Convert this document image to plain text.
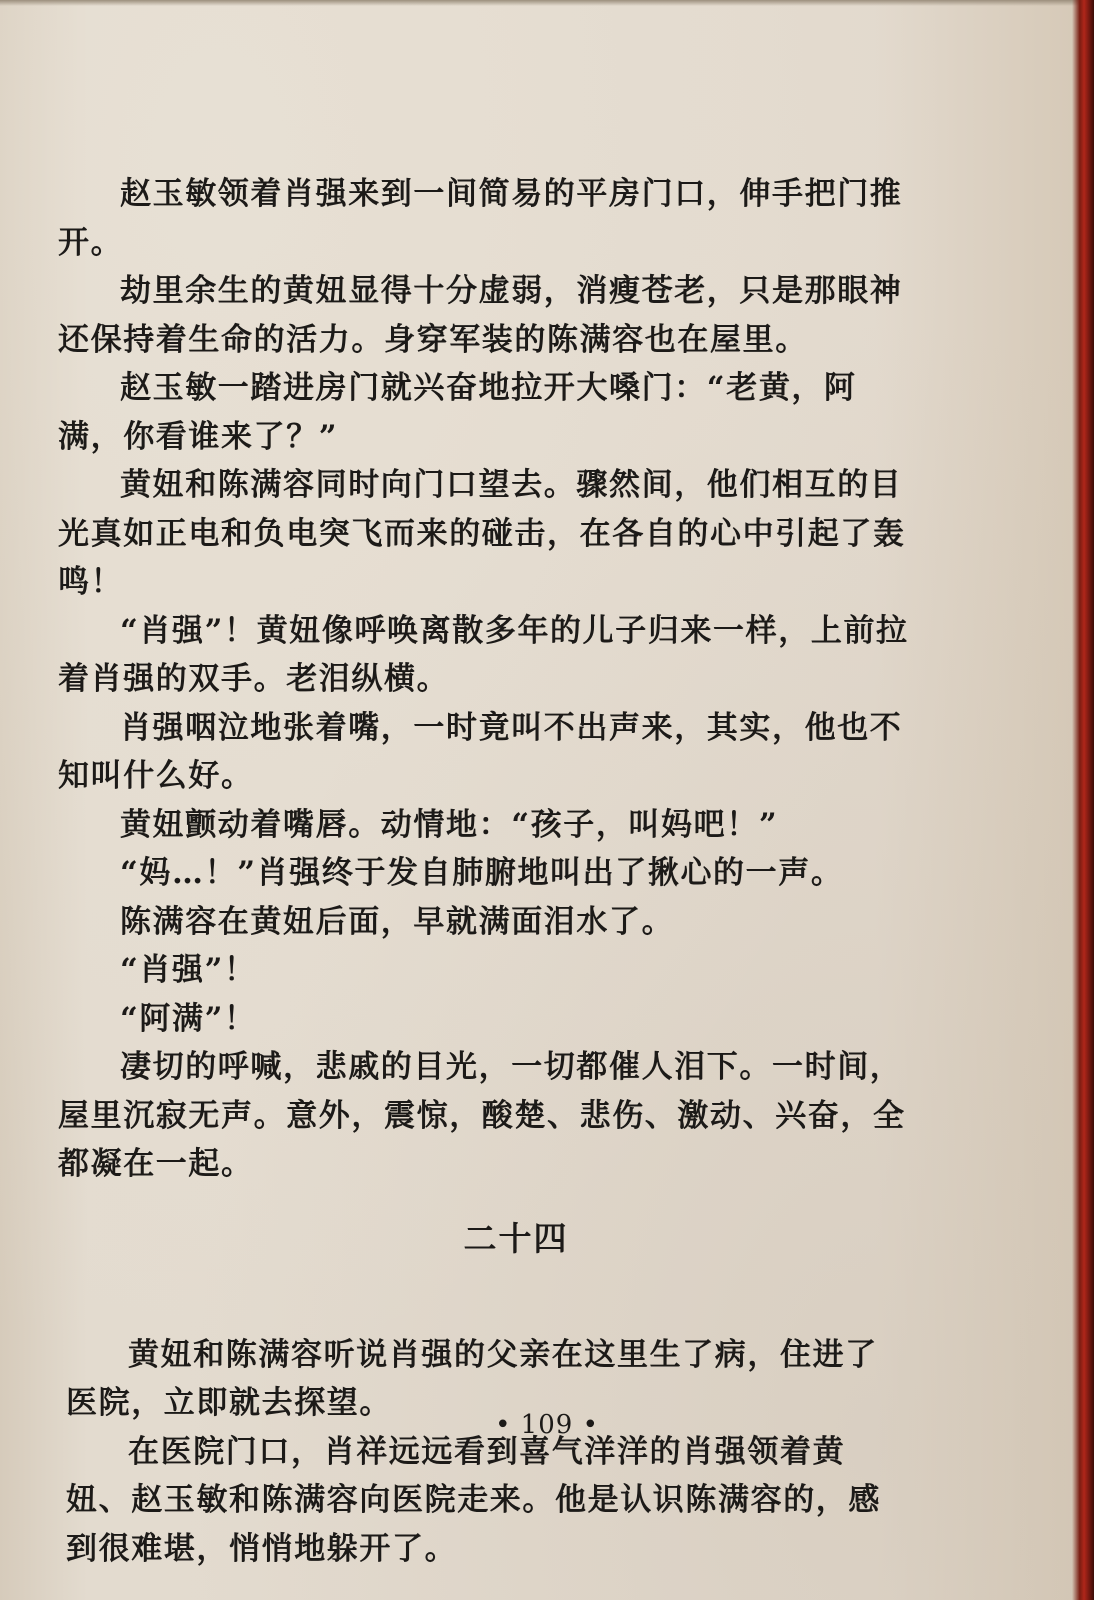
赵玉敏领着肖强来到一间简易的平房门口，伸手把门推开。

劫里余生的黄妞显得十分虚弱，消瘦苍老，只是那眼神还保持着生命的活力。身穿军装的陈满容也在屋里。

赵玉敏一踏进房门就兴奋地拉开大嗓门：“老黄，阿满，你看谁来了？”

黄妞和陈满容同时向门口望去。骤然间，他们相互的目光真如正电和负电突飞而来的碰击，在各自的心中引起了轰鸣！

“肖强”！黄妞像呼唤离散多年的儿子归来一样，上前拉着肖强的双手。老泪纵横。

肖强咽泣地张着嘴，一时竟叫不出声来，其实，他也不知叫什么好。

黄妞颤动着嘴唇。动情地：“孩子，叫妈吧！”

“妈…！”肖强终于发自肺腑地叫出了揪心的一声。

陈满容在黄妞后面，早就满面泪水了。

“肖强”！

“阿满”！

凄切的呼喊，悲戚的目光，一切都催人泪下。一时间，屋里沉寂无声。意外，震惊，酸楚、悲伤、激动、兴奋，全都凝在一起。

二十四

黄妞和陈满容听说肖强的父亲在这里生了病，住进了医院，立即就去探望。

在医院门口，肖祥远远看到喜气洋洋的肖强领着黄妞、赵玉敏和陈满容向医院走来。他是认识陈满容的，感到很难堪，悄悄地躲开了。

• 109 •
